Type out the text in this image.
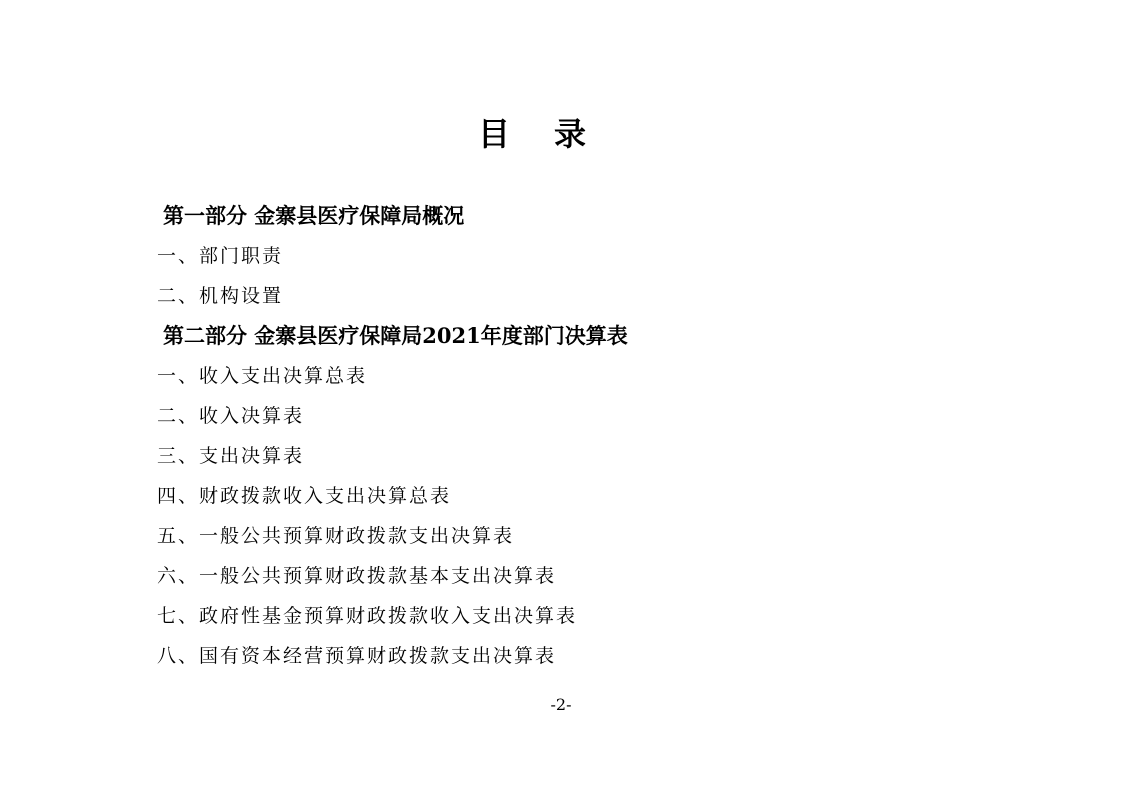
目录
第一部分 金寨县医疗保障局概况
一、部门职责
二、机构设置
第二部分 金寨县医疗保障局2021年度部门决算表
一、收入支出决算总表
二、收入决算表
三、支出决算表
四、财政拨款收入支出决算总表
五、一般公共预算财政拨款支出决算表
六、一般公共预算财政拨款基本支出决算表
七、政府性基金预算财政拨款收入支出决算表
八、国有资本经营预算财政拨款支出决算表
-2-
